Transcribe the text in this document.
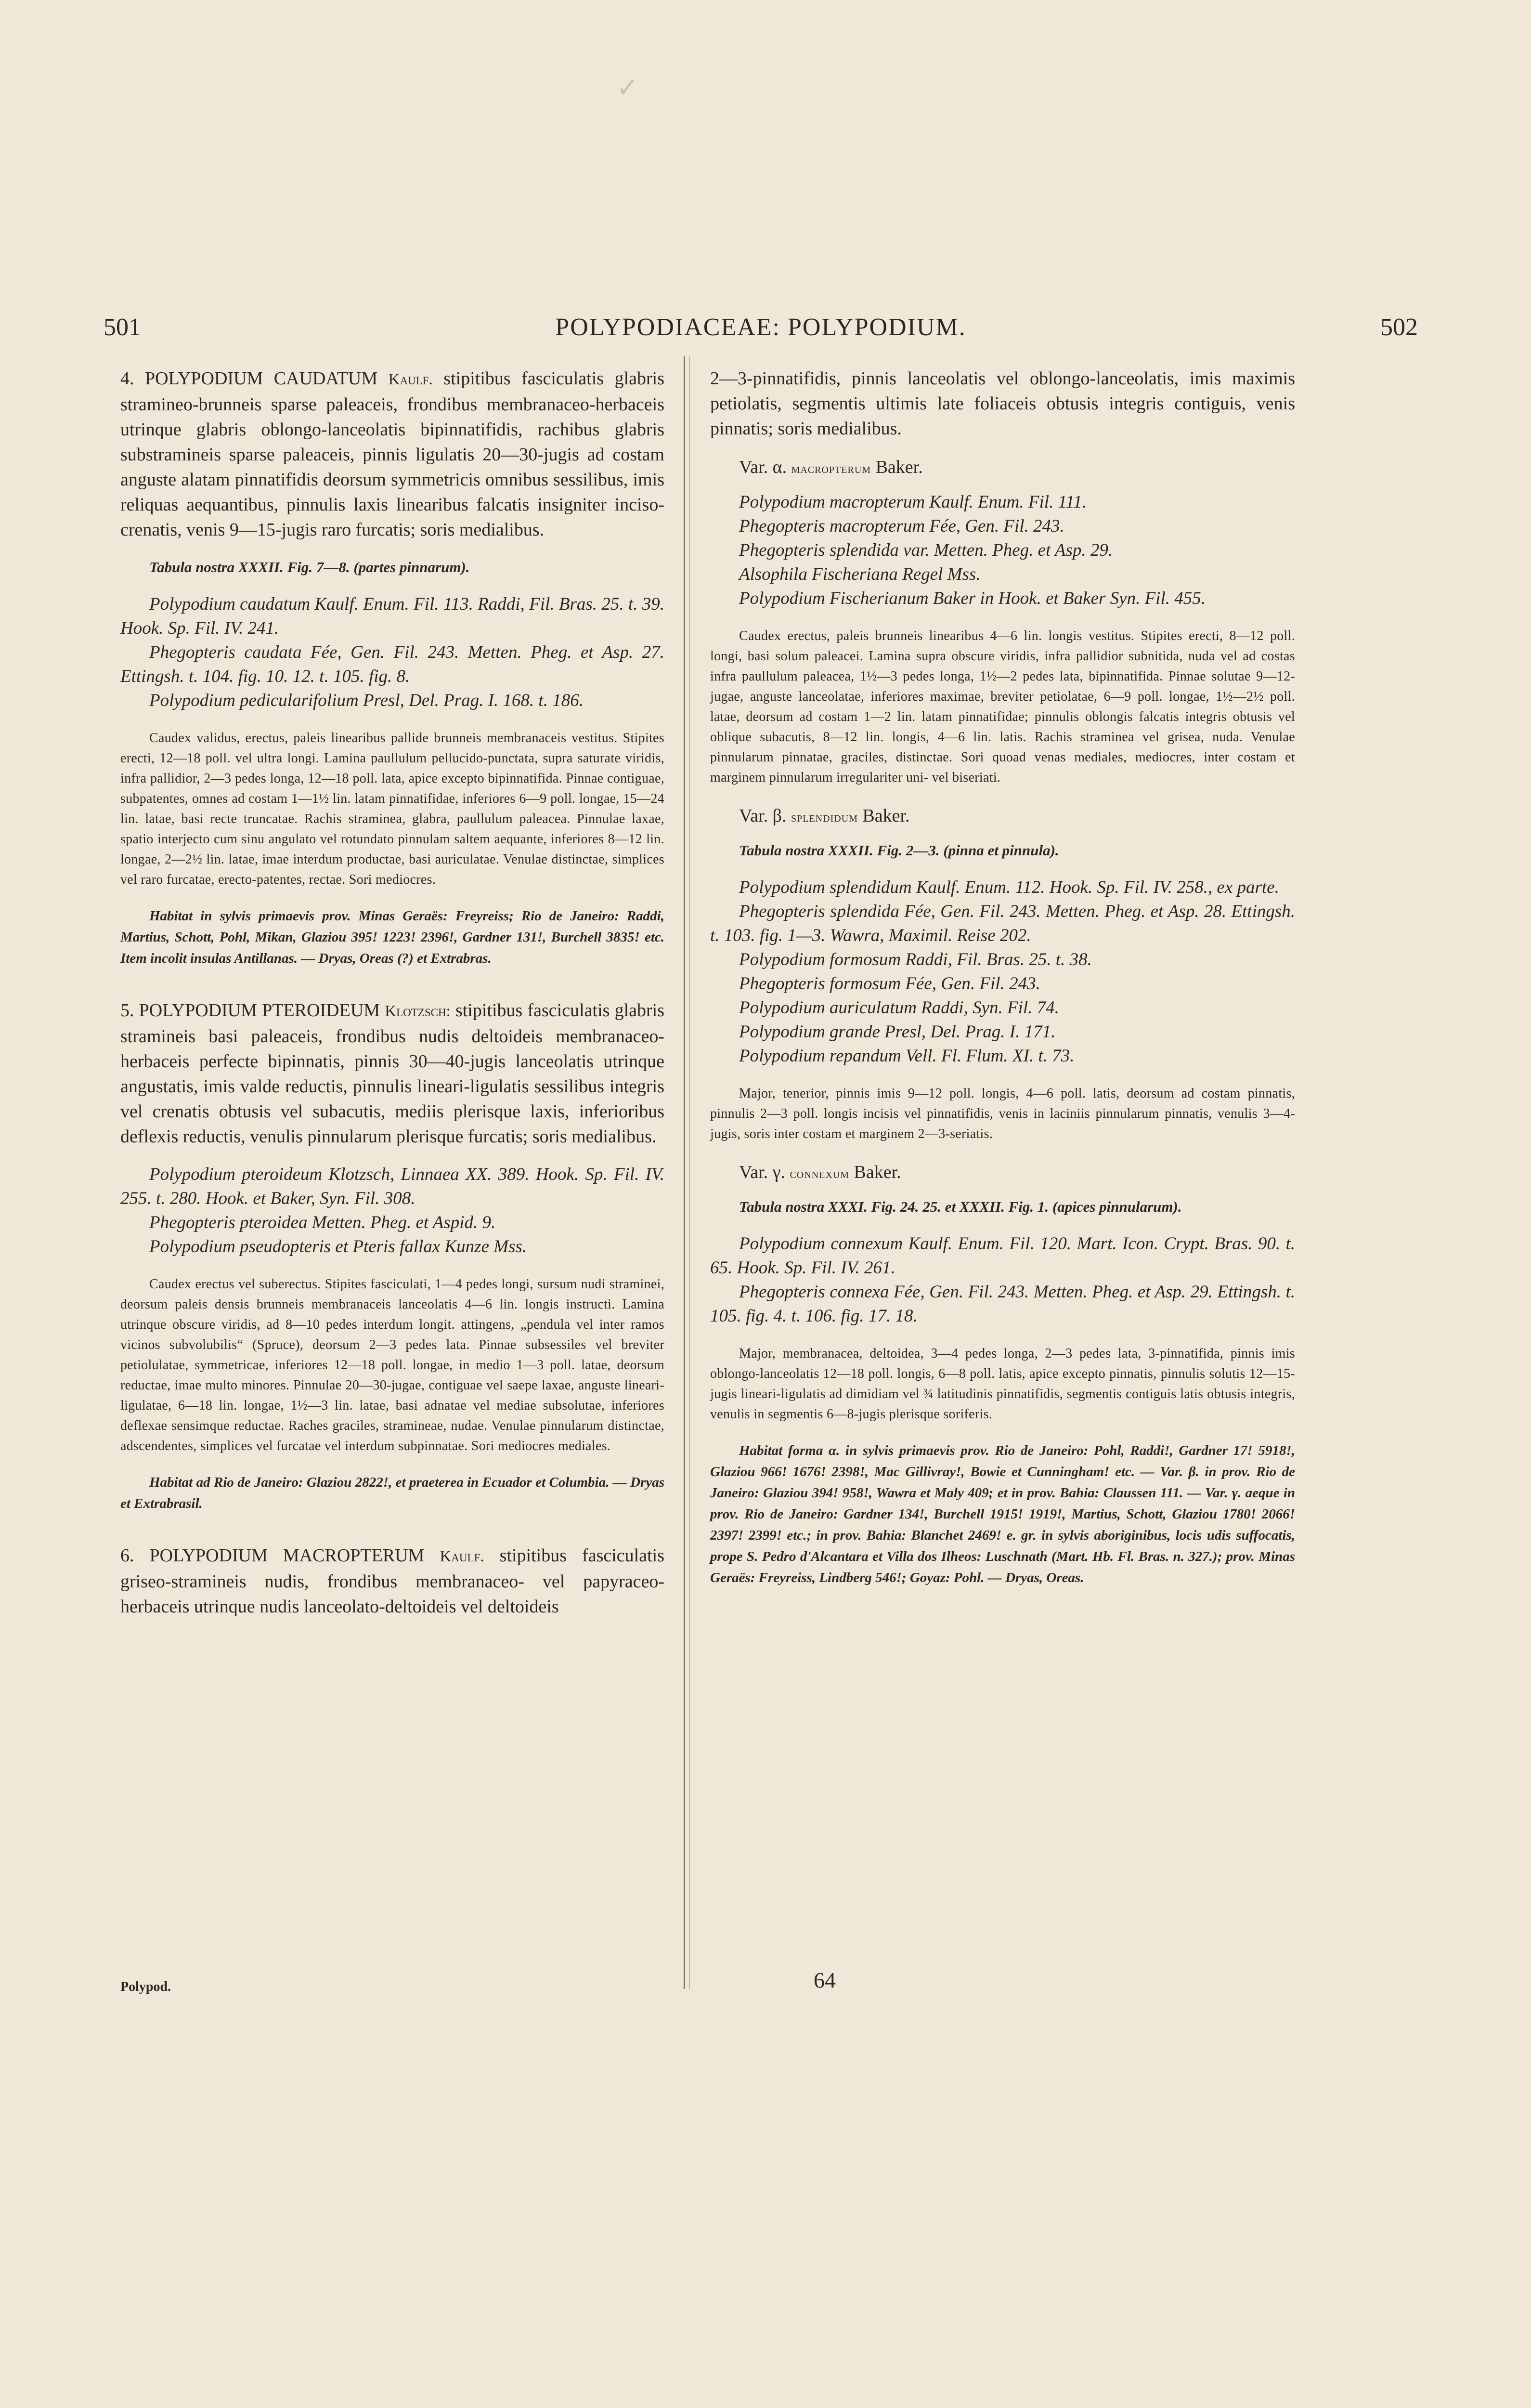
✓
501	POLYPODIACEAE: POLYPODIUM.	502

4. POLYPODIUM CAUDATUM Kaulf. stipitibus fasciculatis glabris stramineo-brunneis sparse paleaceis, frondibus membranaceo-herbaceis utrinque glabris oblongo-lanceolatis bipinnatifidis, rachibus glabris substramineis sparse paleaceis, pinnis ligulatis 20—30-jugis ad costam anguste alatam pinnatifidis deorsum symmetricis omnibus sessilibus, imis reliquas aequantibus, pinnulis laxis linearibus falcatis insigniter inciso-crenatis, venis 9—15-jugis raro furcatis; soris medialibus.

Tabula nostra XXXII. Fig. 7—8. (partes pinnarum).

Polypodium caudatum Kaulf. Enum. Fil. 113. Raddi, Fil. Bras. 25. t. 39. Hook. Sp. Fil. IV. 241.

Phegopteris caudata Fée, Gen. Fil. 243. Metten. Pheg. et Asp. 27. Ettingsh. t. 104. fig. 10. 12. t. 105. fig. 8.

Polypodium pedicularifolium Presl, Del. Prag. I. 168. t. 186.

Caudex validus, erectus, paleis linearibus pallide brunneis membranaceis vestitus. Stipites erecti, 12—18 poll. vel ultra longi. Lamina paullulum pellucido-punctata, supra saturate viridis, infra pallidior, 2—3 pedes longa, 12—18 poll. lata, apice excepto bipinnatifida. Pinnae contiguae, subpatentes, omnes ad costam 1—1½ lin. latam pinnatifidae, inferiores 6—9 poll. longae, 15—24 lin. latae, basi recte truncatae. Rachis straminea, glabra, paullulum paleacea. Pinnulae laxae, spatio interjecto cum sinu angulato vel rotundato pinnulam saltem aequante, inferiores 8—12 lin. longae, 2—2½ lin. latae, imae interdum productae, basi auriculatae. Venulae distinctae, simplices vel raro furcatae, erecto-patentes, rectae. Sori mediocres.

Habitat in sylvis primaevis prov. Minas Geraës: Freyreiss; Rio de Janeiro: Raddi, Martius, Schott, Pohl, Mikan, Glaziou 395! 1223! 2396!, Gardner 131!, Burchell 3835! etc. Item incolit insulas Antillanas. — Dryas, Oreas (?) et Extrabras.

5. POLYPODIUM PTEROIDEUM Klotzsch: stipitibus fasciculatis glabris stramineis basi paleaceis, frondibus nudis deltoideis membranaceo-herbaceis perfecte bipinnatis, pinnis 30—40-jugis lanceolatis utrinque angustatis, imis valde reductis, pinnulis lineari-ligulatis sessilibus integris vel crenatis obtusis vel subacutis, mediis plerisque laxis, inferioribus deflexis reductis, venulis pinnularum plerisque furcatis; soris medialibus.

Polypodium pteroideum Klotzsch, Linnaea XX. 389. Hook. Sp. Fil. IV. 255. t. 280. Hook. et Baker, Syn. Fil. 308.

Phegopteris pteroidea Metten. Pheg. et Aspid. 9.

Polypodium pseudopteris et Pteris fallax Kunze Mss.

Caudex erectus vel suberectus. Stipites fasciculati, 1—4 pedes longi, sursum nudi straminei, deorsum paleis densis brunneis membranaceis lanceolatis 4—6 lin. longis instructi. Lamina utrinque obscure viridis, ad 8—10 pedes interdum longit. attingens, „pendula vel inter ramos vicinos subvolubilis“ (Spruce), deorsum 2—3 pedes lata. Pinnae subsessiles vel breviter petiolulatae, symmetricae, inferiores 12—18 poll. longae, in medio 1—3 poll. latae, deorsum reductae, imae multo minores. Pinnulae 20—30-jugae, contiguae vel saepe laxae, anguste lineari-ligulatae, 6—18 lin. longae, 1½—3 lin. latae, basi adnatae vel mediae subsolutae, inferiores deflexae sensimque reductae. Raches graciles, stramineae, nudae. Venulae pinnularum distinctae, adscendentes, simplices vel furcatae vel interdum subpinnatae. Sori mediocres mediales.

Habitat ad Rio de Janeiro: Glaziou 2822!, et praeterea in Ecuador et Columbia. — Dryas et Extrabrasil.

6. POLYPODIUM MACROPTERUM Kaulf. stipitibus fasciculatis griseo-stramineis nudis, frondibus membranaceo- vel papyraceo-herbaceis utrinque nudis lanceolato-deltoideis vel deltoideis

2—3-pinnatifidis, pinnis lanceolatis vel oblongo-lanceolatis, imis maximis petiolatis, segmentis ultimis late foliaceis obtusis integris contiguis, venis pinnatis; soris medialibus.

Var. α. macropterum Baker.

Polypodium macropterum Kaulf. Enum. Fil. 111.

Phegopteris macropterum Fée, Gen. Fil. 243.

Phegopteris splendida var. Metten. Pheg. et Asp. 29.

Alsophila Fischeriana Regel Mss.

Polypodium Fischerianum Baker in Hook. et Baker Syn. Fil. 455.

Caudex erectus, paleis brunneis linearibus 4—6 lin. longis vestitus. Stipites erecti, 8—12 poll. longi, basi solum paleacei. Lamina supra obscure viridis, infra pallidior subnitida, nuda vel ad costas infra paullulum paleacea, 1½—3 pedes longa, 1½—2 pedes lata, bipinnatifida. Pinnae solutae 9—12-jugae, anguste lanceolatae, inferiores maximae, breviter petiolatae, 6—9 poll. longae, 1½—2½ poll. latae, deorsum ad costam 1—2 lin. latam pinnatifidae; pinnulis oblongis falcatis integris obtusis vel oblique subacutis, 8—12 lin. longis, 4—6 lin. latis. Rachis straminea vel grisea, nuda. Venulae pinnularum pinnatae, graciles, distinctae. Sori quoad venas mediales, mediocres, inter costam et marginem pinnularum irregulariter uni- vel biseriati.

Var. β. splendidum Baker.

Tabula nostra XXXII. Fig. 2—3. (pinna et pinnula).

Polypodium splendidum Kaulf. Enum. 112. Hook. Sp. Fil. IV. 258., ex parte.

Phegopteris splendida Fée, Gen. Fil. 243. Metten. Pheg. et Asp. 28. Ettingsh. t. 103. fig. 1—3. Wawra, Maximil. Reise 202.

Polypodium formosum Raddi, Fil. Bras. 25. t. 38.

Phegopteris formosum Fée, Gen. Fil. 243.

Polypodium auriculatum Raddi, Syn. Fil. 74.

Polypodium grande Presl, Del. Prag. I. 171.

Polypodium repandum Vell. Fl. Flum. XI. t. 73.

Major, tenerior, pinnis imis 9—12 poll. longis, 4—6 poll. latis, deorsum ad costam pinnatis, pinnulis 2—3 poll. longis incisis vel pinnatifidis, venis in laciniis pinnularum pinnatis, venulis 3—4-jugis, soris inter costam et marginem 2—3-seriatis.

Var. γ. connexum Baker.

Tabula nostra XXXI. Fig. 24. 25. et XXXII. Fig. 1. (apices pinnularum).

Polypodium connexum Kaulf. Enum. Fil. 120. Mart. Icon. Crypt. Bras. 90. t. 65. Hook. Sp. Fil. IV. 261.

Phegopteris connexa Fée, Gen. Fil. 243. Metten. Pheg. et Asp. 29. Ettingsh. t. 105. fig. 4. t. 106. fig. 17. 18.

Major, membranacea, deltoidea, 3—4 pedes longa, 2—3 pedes lata, 3-pinnatifida, pinnis imis oblongo-lanceolatis 12—18 poll. longis, 6—8 poll. latis, apice excepto pinnatis, pinnulis solutis 12—15-jugis lineari-ligulatis ad dimidiam vel ¾ latitudinis pinnatifidis, segmentis contiguis latis obtusis integris, venulis in segmentis 6—8-jugis plerisque soriferis.

Habitat forma α. in sylvis primaevis prov. Rio de Janeiro: Pohl, Raddi!, Gardner 17! 5918!, Glaziou 966! 1676! 2398!, Mac Gillivray!, Bowie et Cunningham! etc. — Var. β. in prov. Rio de Janeiro: Glaziou 394! 958!, Wawra et Maly 409; et in prov. Bahia: Claussen 111. — Var. γ. aeque in prov. Rio de Janeiro: Gardner 134!, Burchell 1915! 1919!, Martius, Schott, Glaziou 1780! 2066! 2397! 2399! etc.; in prov. Bahia: Blanchet 2469! e. gr. in sylvis aboriginibus, locis udis suffocatis, prope S. Pedro d'Alcantara et Villa dos Ilheos: Luschnath (Mart. Hb. Fl. Bras. n. 327.); prov. Minas Geraës: Freyreiss, Lindberg 546!; Goyaz: Pohl. — Dryas, Oreas.

Polypod.	64
